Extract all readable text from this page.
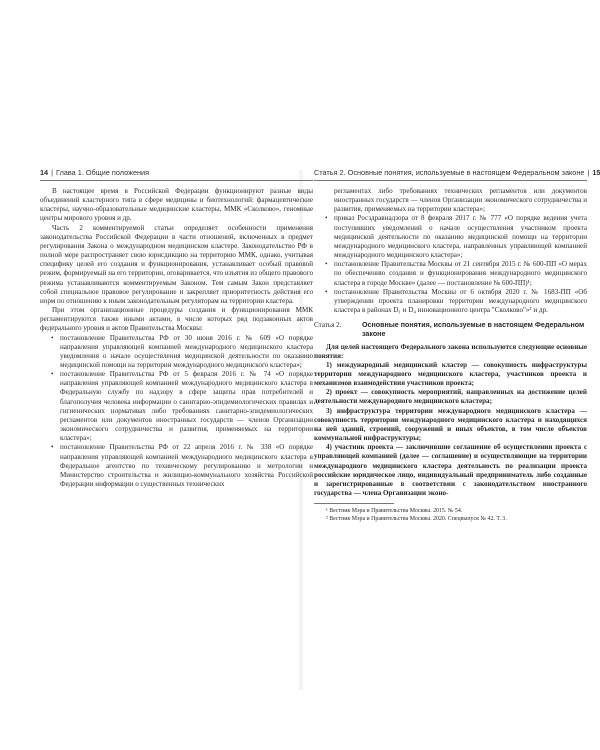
14 | Глава 1. Общие положения

В настоящее время в Российской Федерации функционируют разные виды объединений кластерного типа в сфере медицины и биотехнологий: фармацевтические кластеры, научно-образовательные медицинские кластеры, ММК «Сколково», геномные центры мирового уровня и др.

Часть 2 комментируемой статьи определяет особенности применения законодательства Российской Федерации в части отношений, включенных в предмет регулирования Закона о международном медицинском кластере. Законодательство РФ в полной мере распространяет свою юрисдикцию на территорию ММК, однако, учитывая специфику целей его создания и функционирования, устанавливает особый правовой режим, формируемый на его территории, оговаривается, что изъятия из общего правового режима устанавливаются комментируемым Законом. Тем самым Закон представляет собой специальное правовое регулирование и закрепляет приоритетность действия его норм по отношению к иным законодательным регуляторам на территории кластера.

При этом организационные процедуры создания и функционирования ММК регламентируются также иными актами, в числе которых ряд подзаконных актов федерального уровня и актов Правительства Москвы:

• постановление Правительства РФ от 30 июня 2016 г. № 609 «О порядке направления управляющей компанией международного медицинского кластера уведомления о начале осуществления медицинской деятельности по оказанию медицинской помощи на территории международного медицинского кластера»;
• постановление Правительства РФ от 5 февраля 2016 г. № 74 «О порядке направления управляющей компанией международного медицинского кластера в Федеральную службу по надзору в сфере защиты прав потребителей и благополучия человека информации о санитарно-эпидемиологических правилах и гигиенических нормативах либо требованиях санитарно-эпидемиологических регламентов или документов иностранных государств — членов Организации экономического сотрудничества и развития, применяемых на территории кластера»;
• постановление Правительства РФ от 22 апреля 2016 г. № 338 «О порядке направления управляющей компанией международного медицинского кластера в Федеральное агентство по техническому регулированию и метрологии и Министерство строительства и жилищно-коммунального хозяйства Российской Федерации информации о существенных технических
Статья 2. Основные понятия, используемые в настоящем Федеральном законе | 15
регламентах либо требованиях технических регламентов или документов иностранных государств — членов Организации экономического сотрудничества и развития, применяемых на территории кластера»;
• приказ Росздравнадзора от 8 февраля 2017 г. № 777 «О порядке ведения учета поступивших уведомлений о начале осуществления участником проекта медицинской деятельности по оказанию медицинской помощи на территории международного медицинского кластера, направленных управляющей компанией международного медицинского кластера»;
• постановление Правительства Москвы от 21 сентября 2015 г. № 600-ПП «О мерах по обеспечению создания и функционирования международного медицинского кластера в городе Москве» (далее — постановление № 600-ПП)¹;
• постановление Правительства Москвы от 6 октября 2020 г. № 1683-ПП «Об утверждении проекта планировки территории международного медицинского кластера в районах D₁ и D₄ инновационного центра "Сколково"»² и др.
Статья 2.	Основные понятия, используемые в настоящем Федеральном законе

Для целей настоящего Федерального закона используются следующие основные понятия:

1) международный медицинский кластер — совокупность инфраструктуры территории международного медицинского кластера, участников проекта и механизмов взаимодействия участников проекта;

2) проект — совокупность мероприятий, направленных на достижение целей деятельности международного медицинского кластера;

3) инфраструктура территории международного медицинского кластера — совокупность территории международного медицинского кластера и находящихся на ней зданий, строений, сооружений и иных объектов, в том числе объектов коммунальной инфраструктуры;

4) участник проекта — заключившие соглашение об осуществлении проекта с управляющей компанией (далее — соглашение) и осуществляющие на территории международного медицинского кластера деятельность по реализации проекта российские юридическое лицо, индивидуальный предприниматель либо созданные и зарегистрированные в соответствии с законодательством иностранного государства — члена Организации эконо-

¹ Вестник Мэра и Правительства Москвы. 2015. № 54.
² Вестник Мэра и Правительства Москвы. 2020. Спецвыпуск № 42. Т. 3.
